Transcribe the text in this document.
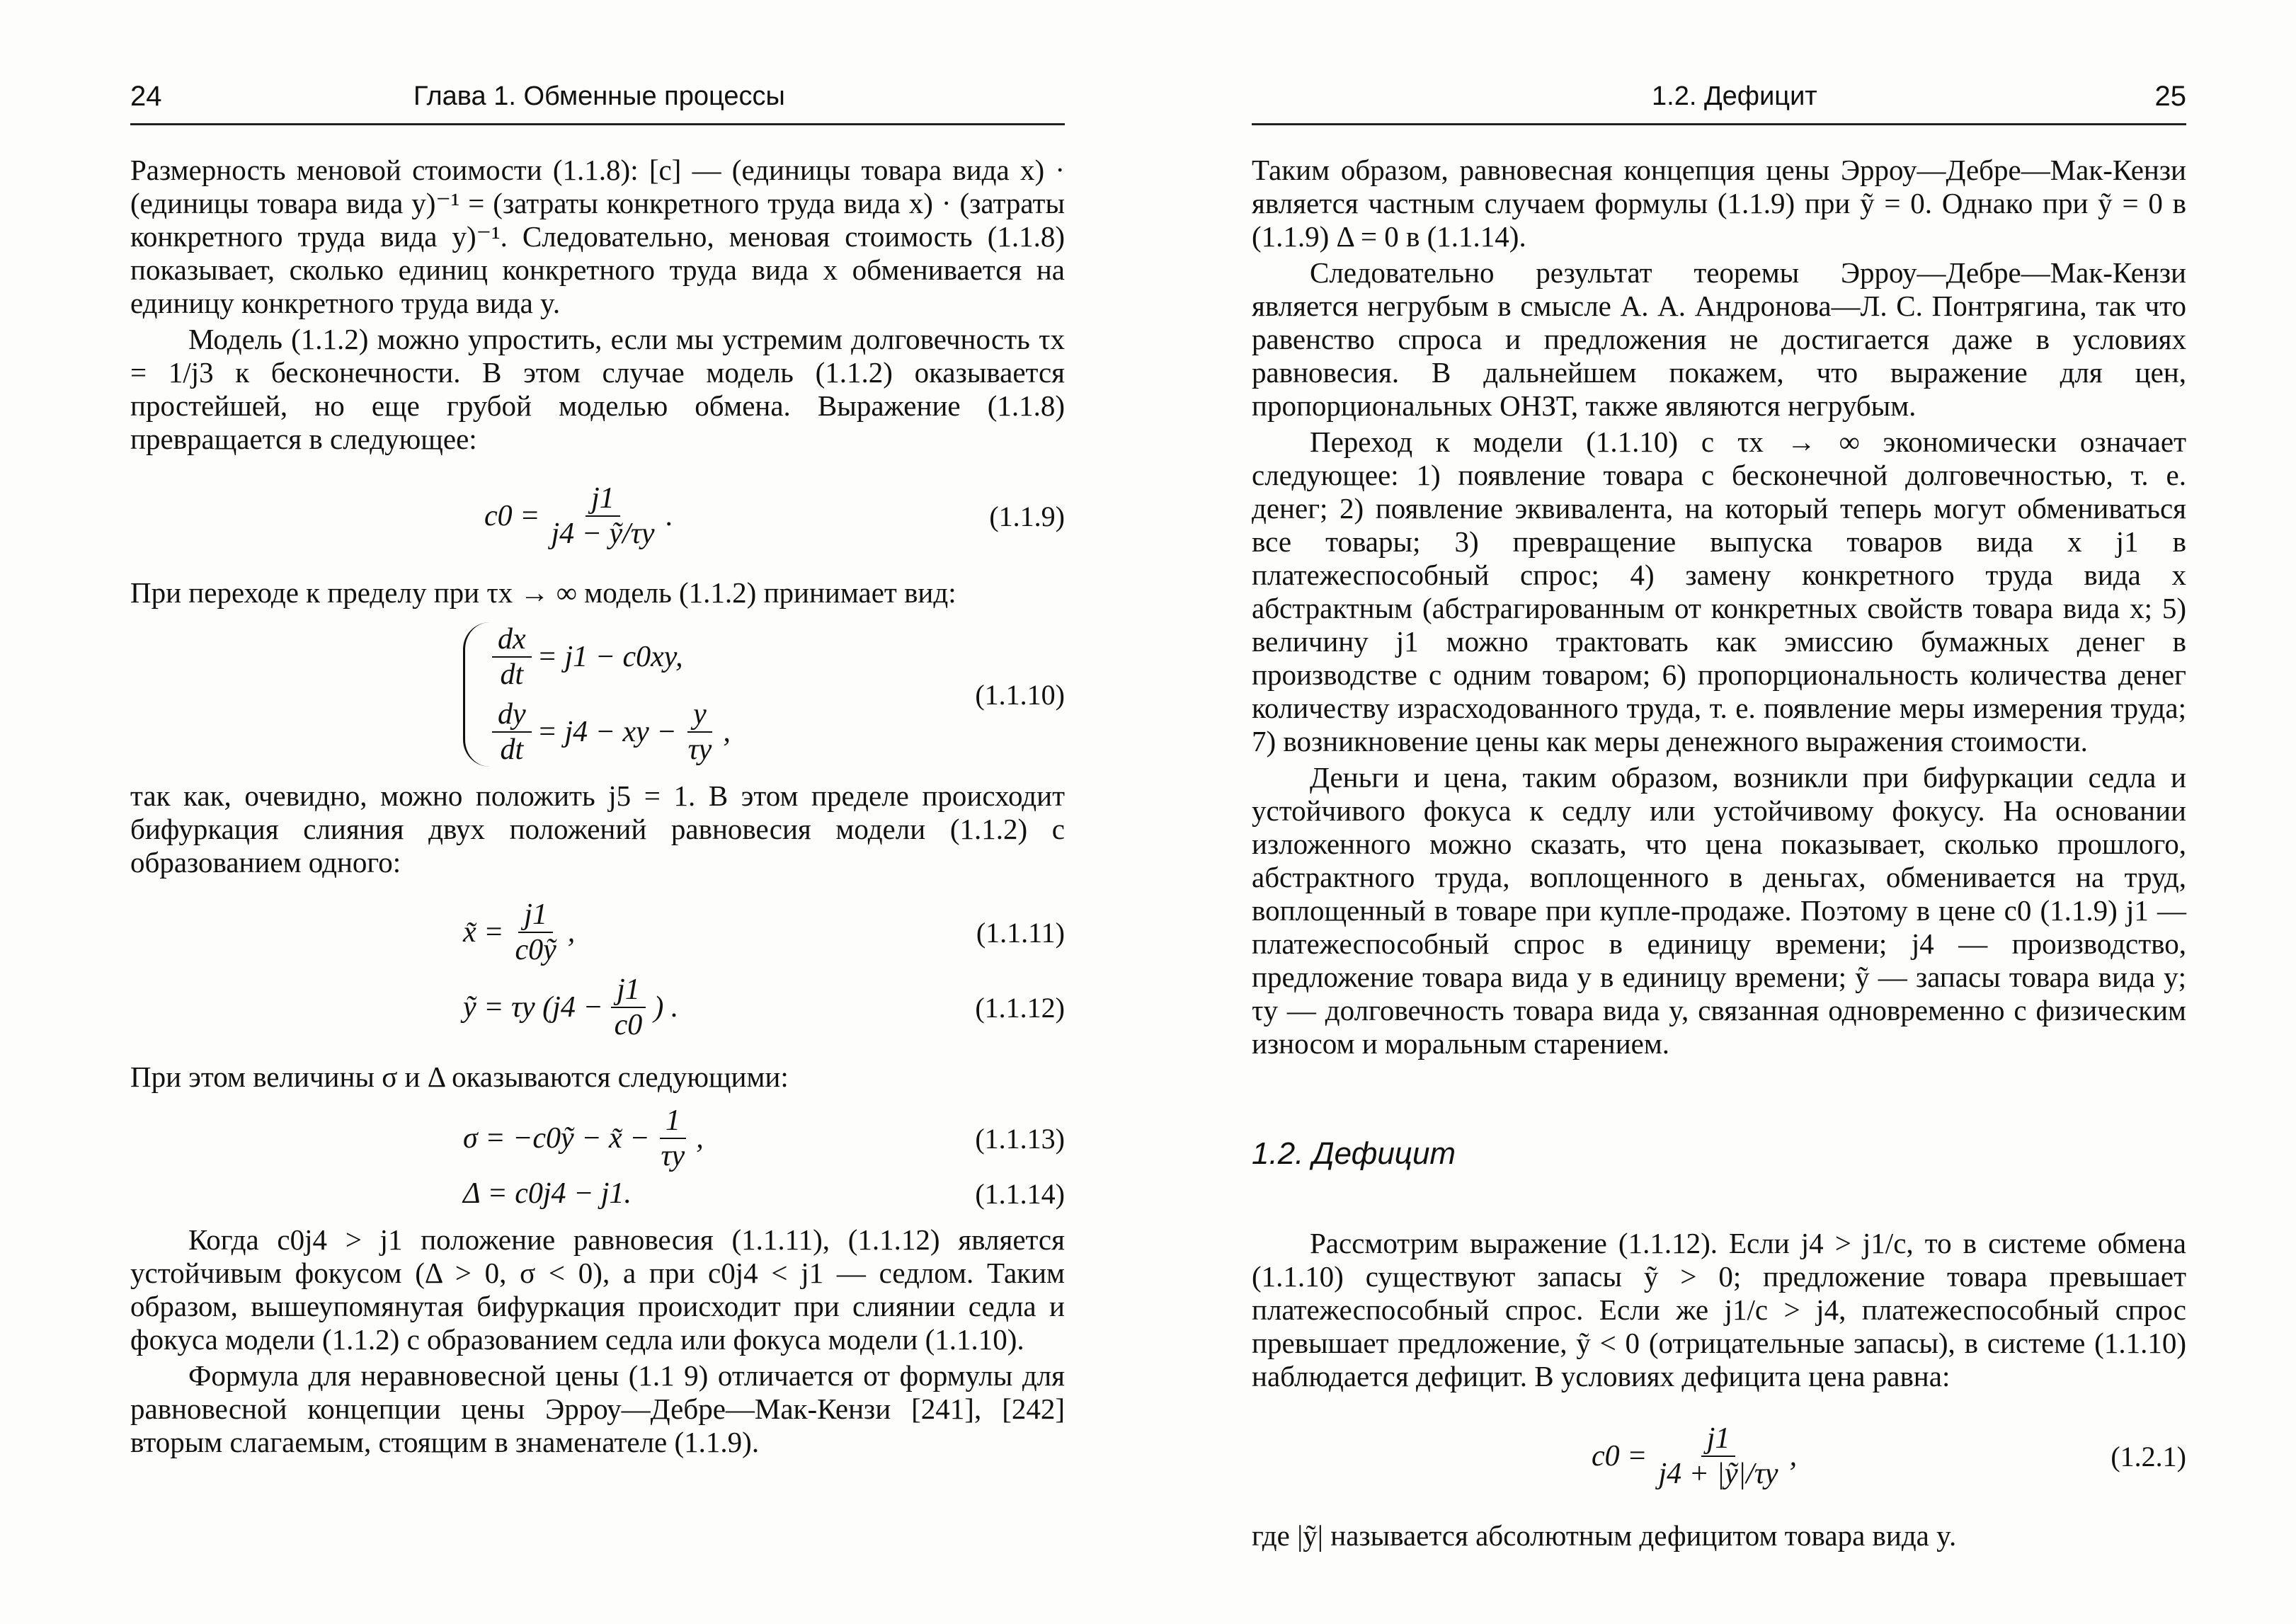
24	Глава 1. Обменные процессы

Размерность меновой стоимости (1.1.8): [c] — (единицы товара вида x) · (единицы товара вида y)⁻¹ = (затраты конкретного труда вида x) · (затраты конкретного труда вида y)⁻¹. Следовательно, меновая стоимость (1.1.8) показывает, сколько единиц конкретного труда вида x обменивается на единицу конкретного труда вида y.

Модель (1.1.2) можно упростить, если мы устремим долговечность τx = 1/j3 к бесконечности. В этом случае модель (1.1.2) оказывается простейшей, но еще грубой моделью обмена. Выражение (1.1.8) превращается в следующее:

$c0 = \frac{j1}{\text{j4 − ỹ/τy}}$ .	(1.1.9)

При переходе к пределу при τx → ∞ модель (1.1.2) принимает вид:

$\frac{dx}{dt} = j1 - c0xy$,
$\frac{dy}{dt} = j4$ − xy − $\frac{y}{\tau y}$ ,
(1.1.10)

так как, очевидно, можно положить j5 = 1. В этом пределе происходит бифуркация слияния двух положений равновесия модели (1.1.2) с образованием одного:

x̃ = $\frac{j1}{\text{c0ỹ}}$ ,	(1.1.11)
ỹ = τy ($j4 - \frac{j1}{c0}$ ) .	(1.1.12)

При этом величины σ и Δ оказываются следующими:

σ = −c0ỹ − x̃ − $\frac{1}{\tau y}$ ,	(1.1.13)
Δ = c0j4 − j1.	(1.1.14)

Когда c0j4 > j1 положение равновесия (1.1.11), (1.1.12) является устойчивым фокусом (Δ > 0, σ < 0), а при c0j4 < j1 — седлом. Таким образом, вышеупомянутая бифуркация происходит при слиянии седла и фокуса модели (1.1.2) с образованием седла или фокуса модели (1.1.10).

Формула для неравновесной цены (1.1 9) отличается от формулы для равновесной концепции цены Эрроу—Дебре—Мак-Кензи [241], [242] вторым слагаемым, стоящим в знаменателе (1.1.9).

1.2. Дефицит	25

Таким образом, равновесная концепция цены Эрроу—Дебре—Мак-Кензи является частным случаем формулы (1.1.9) при ỹ = 0. Однако при ỹ = 0 в (1.1.9) Δ = 0 в (1.1.14).

Следовательно результат теоремы Эрроу—Дебре—Мак-Кензи является негрубым в смысле А. А. Андронова—Л. С. Понтрягина, так что равенство спроса и предложения не достигается даже в условиях равновесия. В дальнейшем покажем, что выражение для цен, пропорциональных ОНЗТ, также являются негрубым.

Переход к модели (1.1.10) с τx → ∞ экономически означает следующее: 1) появление товара с бесконечной долговечностью, т. е. денег; 2) появление эквивалента, на который теперь могут обмениваться все товары; 3) превращение выпуска товаров вида x j1 в платежеспособный спрос; 4) замену конкретного труда вида x абстрактным (абстрагированным от конкретных свойств товара вида x; 5) величину j1 можно трактовать как эмиссию бумажных денег в производстве с одним товаром; 6) пропорциональность количества денег количеству израсходованного труда, т. е. появление меры измерения труда; 7) возникновение цены как меры денежного выражения стоимости.

Деньги и цена, таким образом, возникли при бифуркации седла и устойчивого фокуса к седлу или устойчивому фокусу. На основании изложенного можно сказать, что цена показывает, сколько прошлого, абстрактного труда, воплощенного в деньгах, обменивается на труд, воплощенный в товаре при купле-продаже. Поэтому в цене c0 (1.1.9) j1 — платежеспособный спрос в единицу времени; j4 — производство, предложение товара вида y в единицу времени; ỹ — запасы товара вида y; τy — долговечность товара вида y, связанная одновременно с физическим износом и моральным старением.

1.2. Дефицит

Рассмотрим выражение (1.1.12). Если j4 > j1/c, то в системе обмена (1.1.10) существуют запасы ỹ > 0; предложение товара превышает платежеспособный спрос. Если же j1/c > j4, платежеспособный спрос превышает предложение, ỹ < 0 (отрицательные запасы), в системе (1.1.10) наблюдается дефицит. В условиях дефицита цена равна:

$c0 = \frac{j1}{\text{j4 + |ỹ|/τy}}$ ,	(1.2.1)

где |ỹ| называется абсолютным дефицитом товара вида y.
